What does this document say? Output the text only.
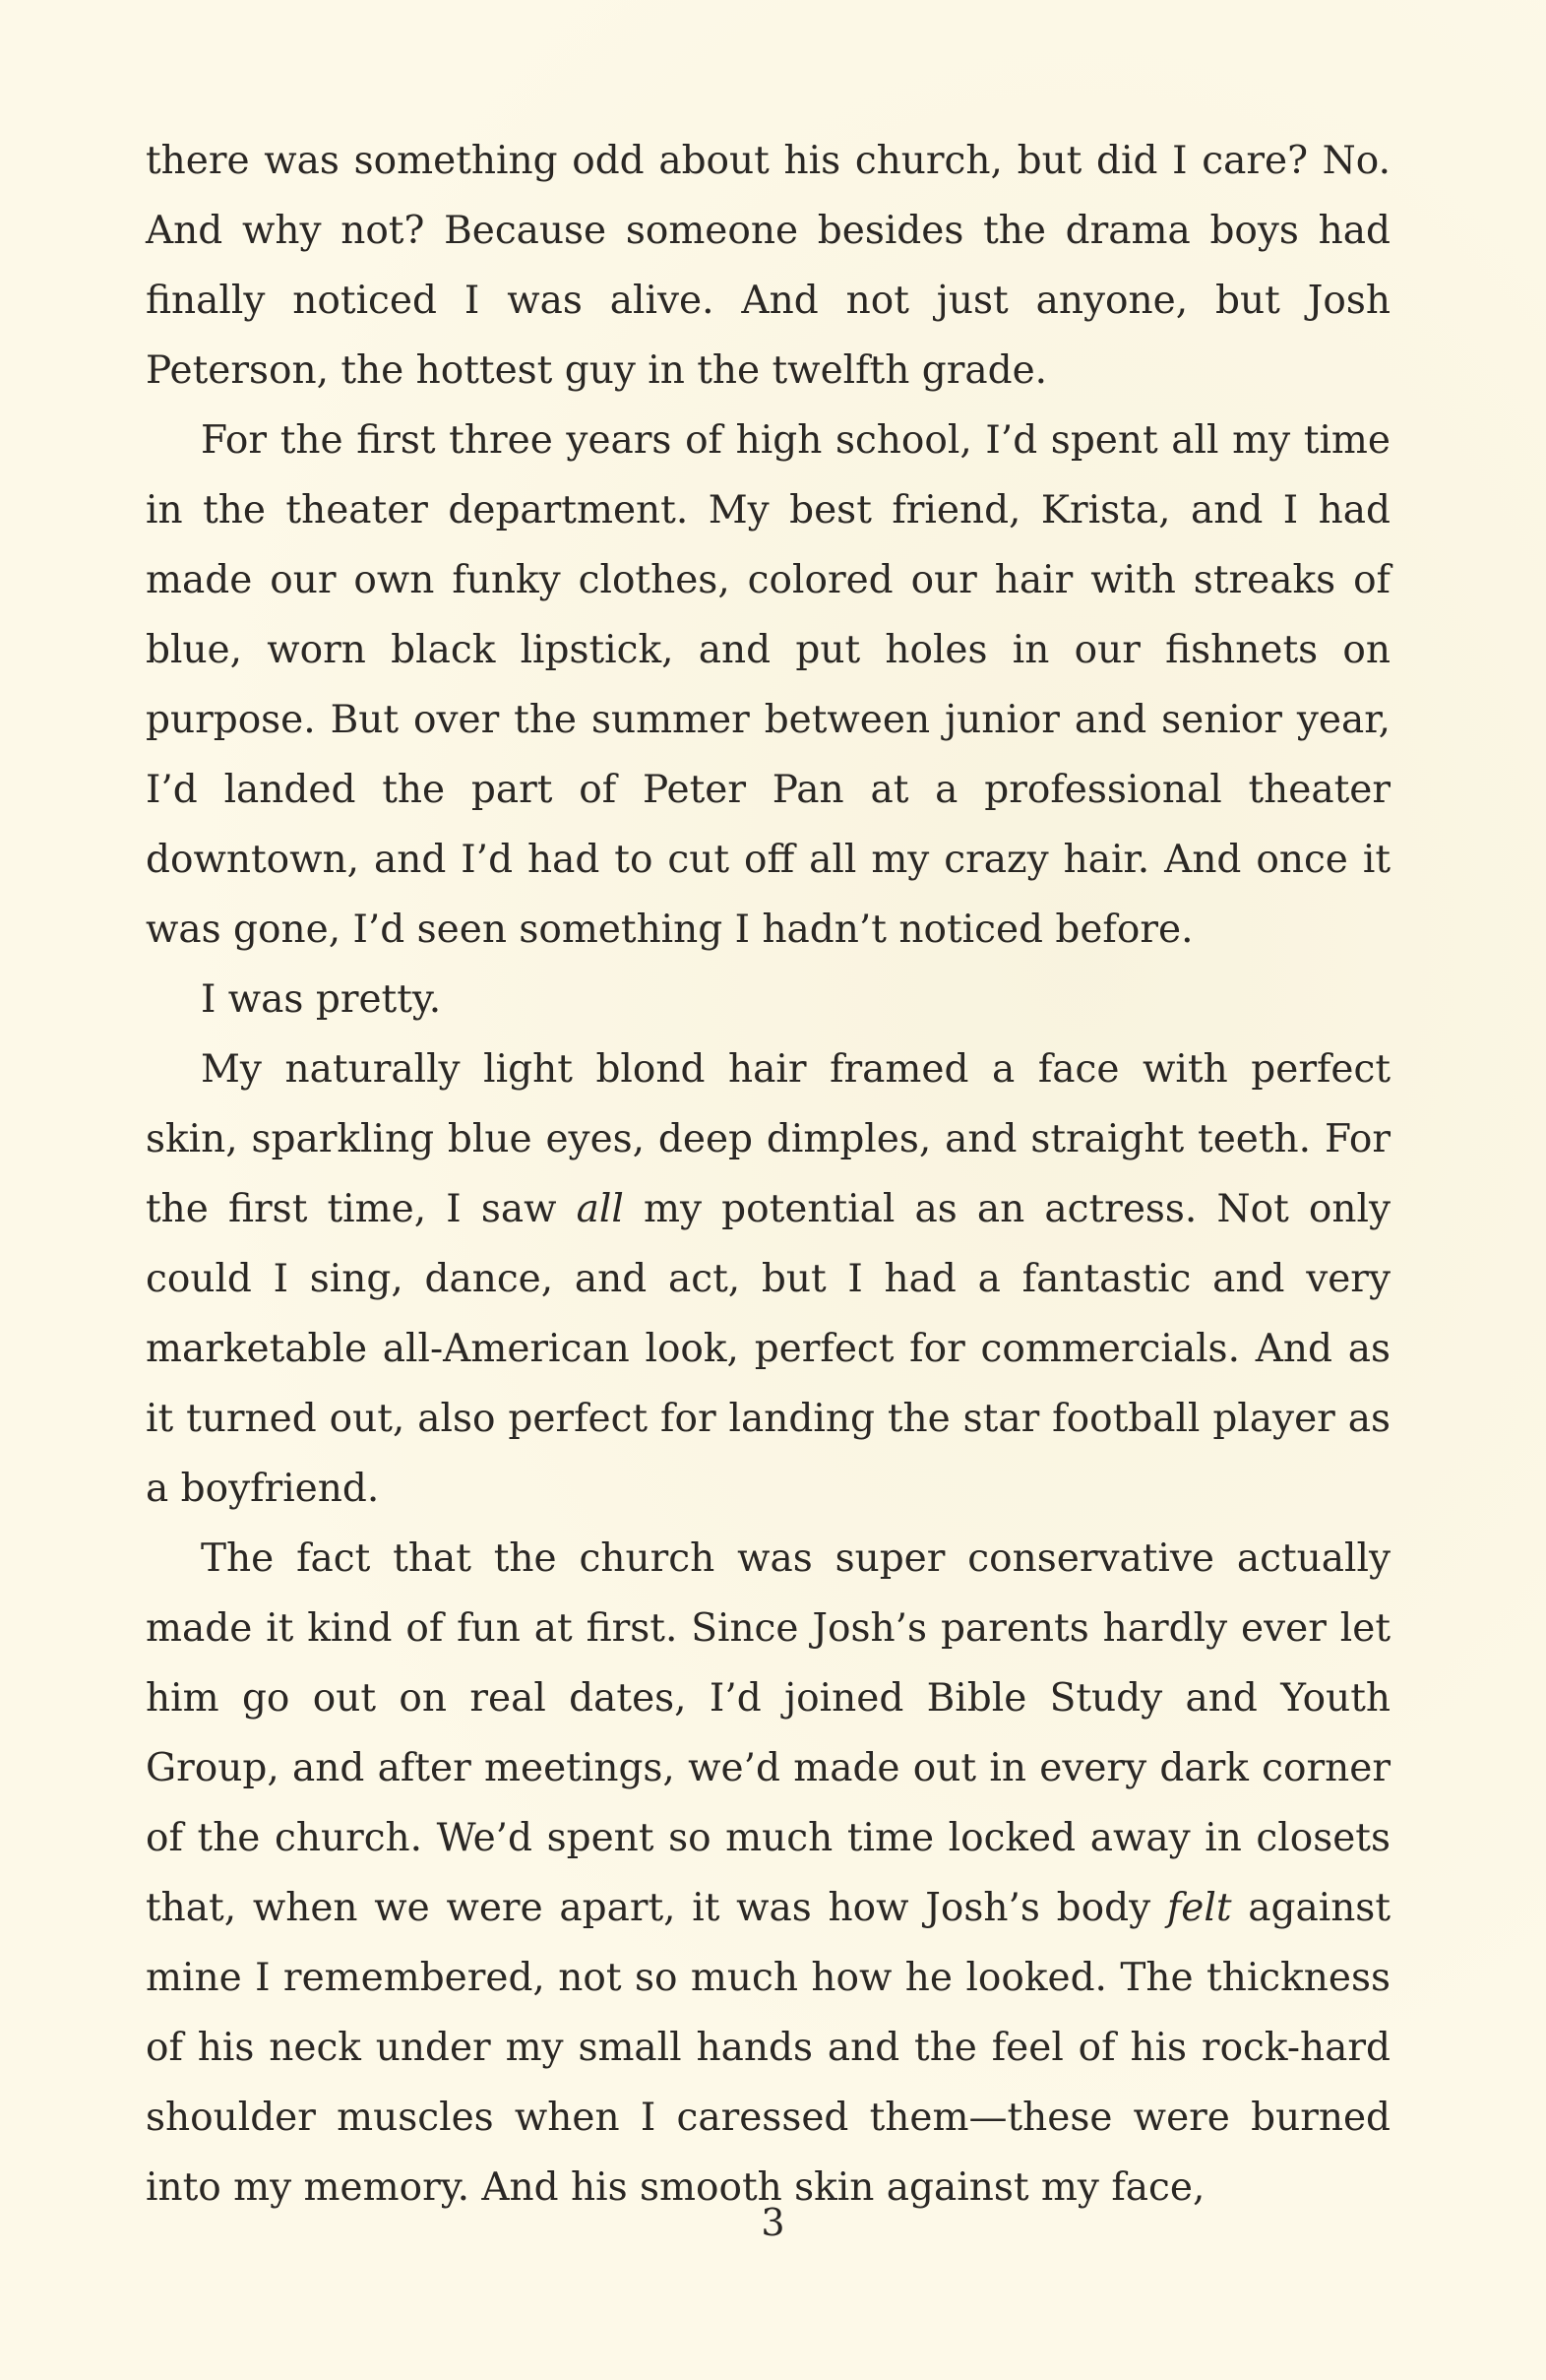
there was something odd about his church, but did I care? No. And why not? Because someone besides the drama boys had finally noticed I was alive. And not just anyone, but Josh Peterson, the hottest guy in the twelfth grade.

For the first three years of high school, I’d spent all my time in the theater department. My best friend, Krista, and I had made our own funky clothes, colored our hair with streaks of blue, worn black lipstick, and put holes in our fishnets on purpose. But over the summer between junior and senior year, I’d landed the part of Peter Pan at a professional theater downtown, and I’d had to cut off all my crazy hair. And once it was gone, I’d seen something I hadn’t noticed before.

I was pretty.

My naturally light blond hair framed a face with perfect skin, sparkling blue eyes, deep dimples, and straight teeth. For the first time, I saw all my potential as an actress. Not only could I sing, dance, and act, but I had a fantastic and very marketable all-American look, perfect for commercials. And as it turned out, also perfect for landing the star football player as a boyfriend.

The fact that the church was super conservative actually made it kind of fun at first. Since Josh’s parents hardly ever let him go out on real dates, I’d joined Bible Study and Youth Group, and after meetings, we’d made out in every dark corner of the church. We’d spent so much time locked away in closets that, when we were apart, it was how Josh’s body felt against mine I remembered, not so much how he looked. The thickness of his neck under my small hands and the feel of his rock-hard shoulder muscles when I caressed them—these were burned into my memory. And his smooth skin against my face,

3
